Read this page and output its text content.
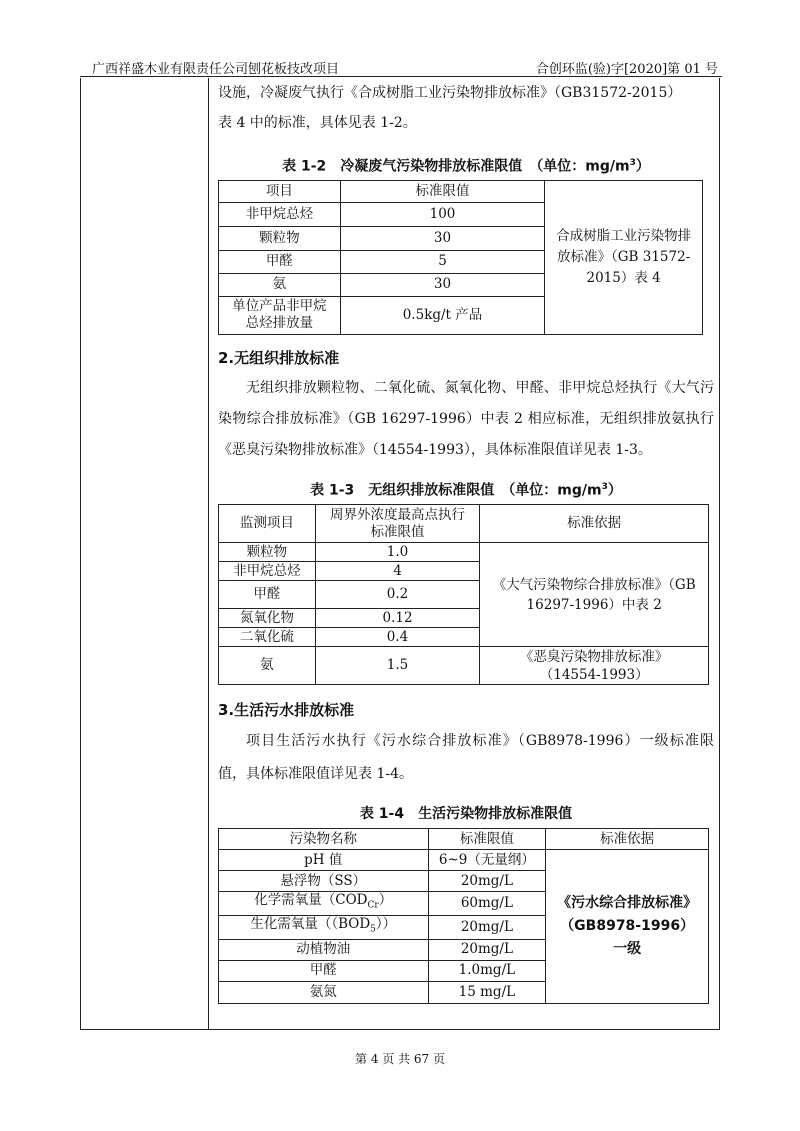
广西祥盛木业有限责任公司刨花板技改项目	合创环监(验)字[2020]第 01 号

设施，冷凝废气执行《合成树脂工业污染物排放标准》（GB31572-2015）

表 4 中的标准，具体见表 1-2。

表 1-2　冷凝废气污染物排放标准限值　（单位：$mg/m^3$）

项目	标准限值	合成树脂工业污染物排放标准》（GB 31572-2015）表 4
非甲烷总烃	100	
颗粒物	30	
甲醛	5	
氨	30	
单位产品非甲烷总烃排放量	0.5kg/t 产品	

2.无组织排放标准

无组织排放颗粒物、二氧化硫、氮氧化物、甲醛、非甲烷总烃执行《大气污染物综合排放标准》（GB 16297-1996）中表 2 相应标准，无组织排放氨执行《恶臭污染物排放标准》（14554-1993），具体标准限值详见表 1-3。

表 1-3　无组织排放标准限值　（单位：$mg/m^3$）

监测项目	周界外浓度最高点执行标准限值	标准依据
颗粒物	1.0	《大气污染物综合排放标准》（GB 16297-1996）中表 2
非甲烷总烃	4	
甲醛	0.2	
氮氧化物	0.12	
二氧化硫	0.4	
氨	1.5	《恶臭污染物排放标准》（14554-1993）

3.生活污水排放标准

项目生活污水执行《污水综合排放标准》（GB8978-1996）一级标准限值，具体标准限值详见表 1-4。

表 1-4　生活污染物排放标准限值

污染物名称	标准限值	标准依据
pH 值	6~9（无量纲）	《污水综合排放标准》（GB8978-1996）一级
悬浮物（SS）	20mg/L	
化学需氧量$(COD_{Cr})$	60mg/L	
生化需氧量$((BOD_5))$	20mg/L	
动植物油	20mg/L	
甲醛	1.0mg/L	
氨氮	15 mg/L	
第 4 页 共 67 页
